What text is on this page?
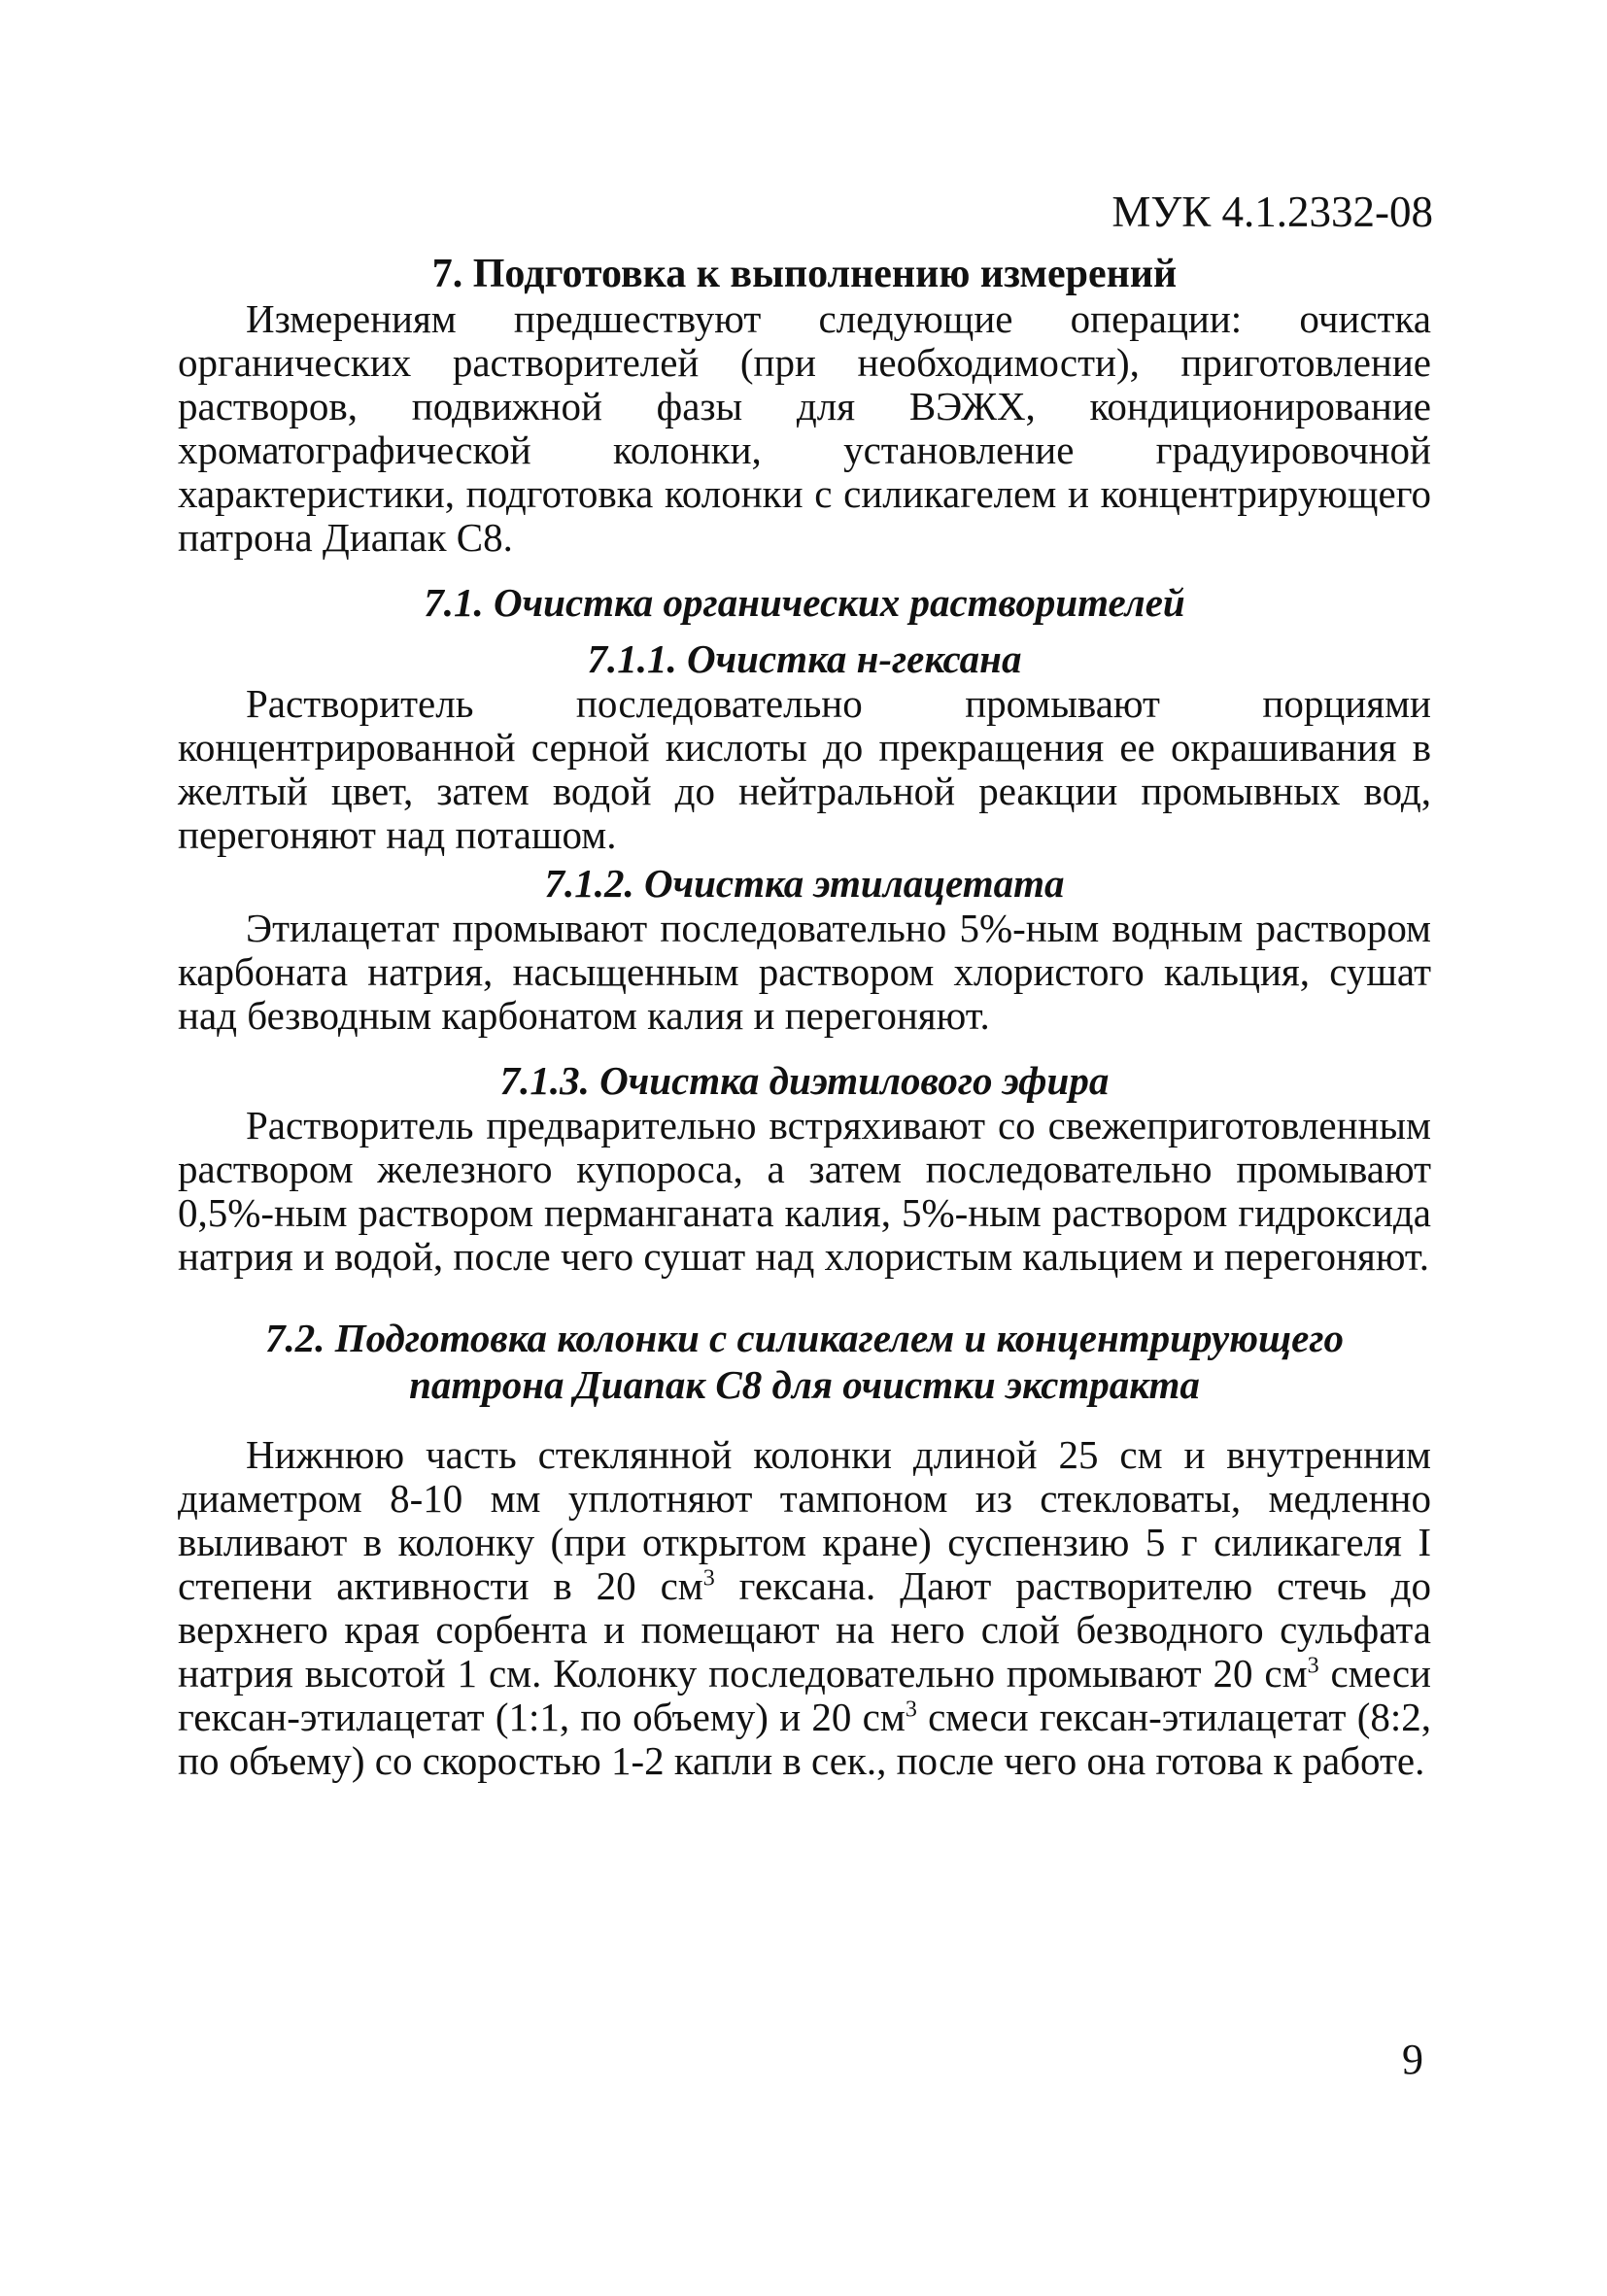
МУК 4.1.2332-08
7. Подготовка к выполнению измерений

Измерениям предшествуют следующие операции: очистка органических растворителей (при необходимости), приготовление растворов, подвижной фазы для ВЭЖХ, кондиционирование хроматографической колонки, установление градуировочной характеристики, подготовка колонки с силикагелем и концентрирующего патрона Диапак С8.

7.1. Очистка органических растворителей
7.1.1. Очистка н-гексана

Растворитель последовательно промывают порциями концентрированной серной кислоты до прекращения ее окрашивания в желтый цвет, затем водой до нейтральной реакции промывных вод, перегоняют над поташом.

7.1.2. Очистка этилацетата

Этилацетат промывают последовательно 5%-ным водным раствором карбоната натрия, насыщенным раствором хлористого кальция, сушат над безводным карбонатом калия и перегоняют.

7.1.3. Очистка диэтилового эфира

Растворитель предварительно встряхивают со свежеприготовленным раствором железного купороса, а затем последовательно промывают 0,5%-ным раствором перманганата калия, 5%-ным раствором гидроксида натрия и водой, после чего сушат над хлористым кальцием и перегоняют.

7.2. Подготовка колонки с силикагелем и концентрирующего
патрона Диапак С8 для очистки экстракта

Нижнюю часть стеклянной колонки длиной 25 см и внутренним диаметром 8-10 мм уплотняют тампоном из стекловаты, медленно выливают в колонку (при открытом кране) суспензию 5 г силикагеля I степени активности в 20 $см^3$ гексана. Дают растворителю стечь до верхнего края сорбента и помещают на него слой безводного сульфата натрия высотой 1 см. Колонку последовательно промывают 20 $см^3$ смеси гексан-этилацетат (1:1, по объему) и 20 $см^3$ смеси гексан-этилацетат (8:2, по объему) со скоростью 1-2 капли в сек., после чего она готова к работе.

9
